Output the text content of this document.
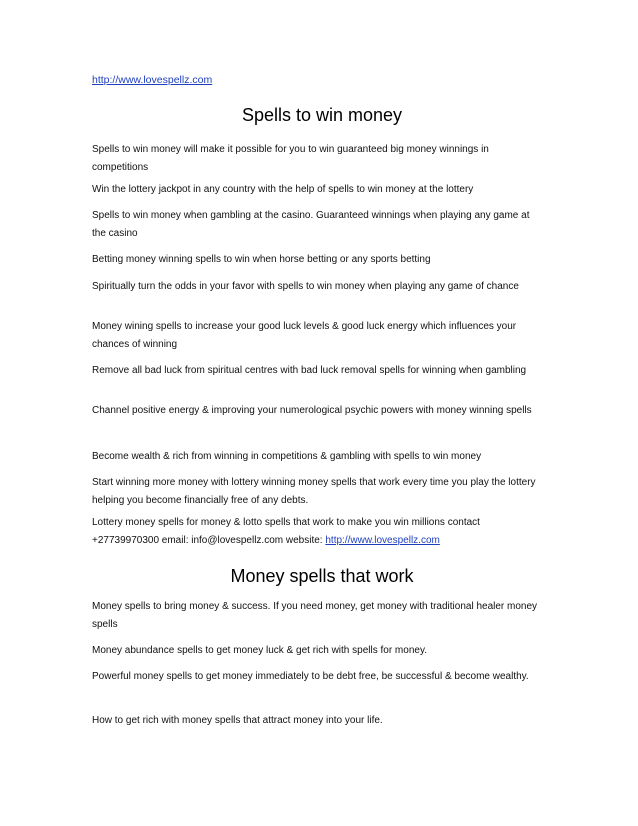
http://www.lovespellz.com
Spells to win money

Spells to win money will make it possible for you to win guaranteed big money winnings in competitions

Win the lottery jackpot in any country with the help of spells to win money at the lottery

Spells to win money when gambling at the casino. Guaranteed winnings when playing any game at the casino

Betting money winning spells to win when horse betting or any sports betting

Spiritually turn the odds in your favor with spells to win money when playing any game of chance

Money wining spells to increase your good luck levels & good luck energy which influences your chances of winning

Remove all bad luck from spiritual centres with bad luck removal spells for winning when gambling

Channel positive energy & improving your numerological psychic powers with money winning spells

Become wealth & rich from winning in competitions & gambling with spells to win money

Start winning more money with lottery winning money spells that work every time you play the lottery helping you become financially free of any debts.

Lottery money spells for money & lotto spells that work to make you win millions contact +27739970300 email: info@lovespellz.com website: http://www.lovespellz.com

Money spells that work

Money spells to bring money & success. If you need money, get money with traditional healer money spells

Money abundance spells to get money luck & get rich with spells for money.

Powerful money spells to get money immediately to be debt free, be successful & become wealthy.

How to get rich with money spells that attract money into your life.
